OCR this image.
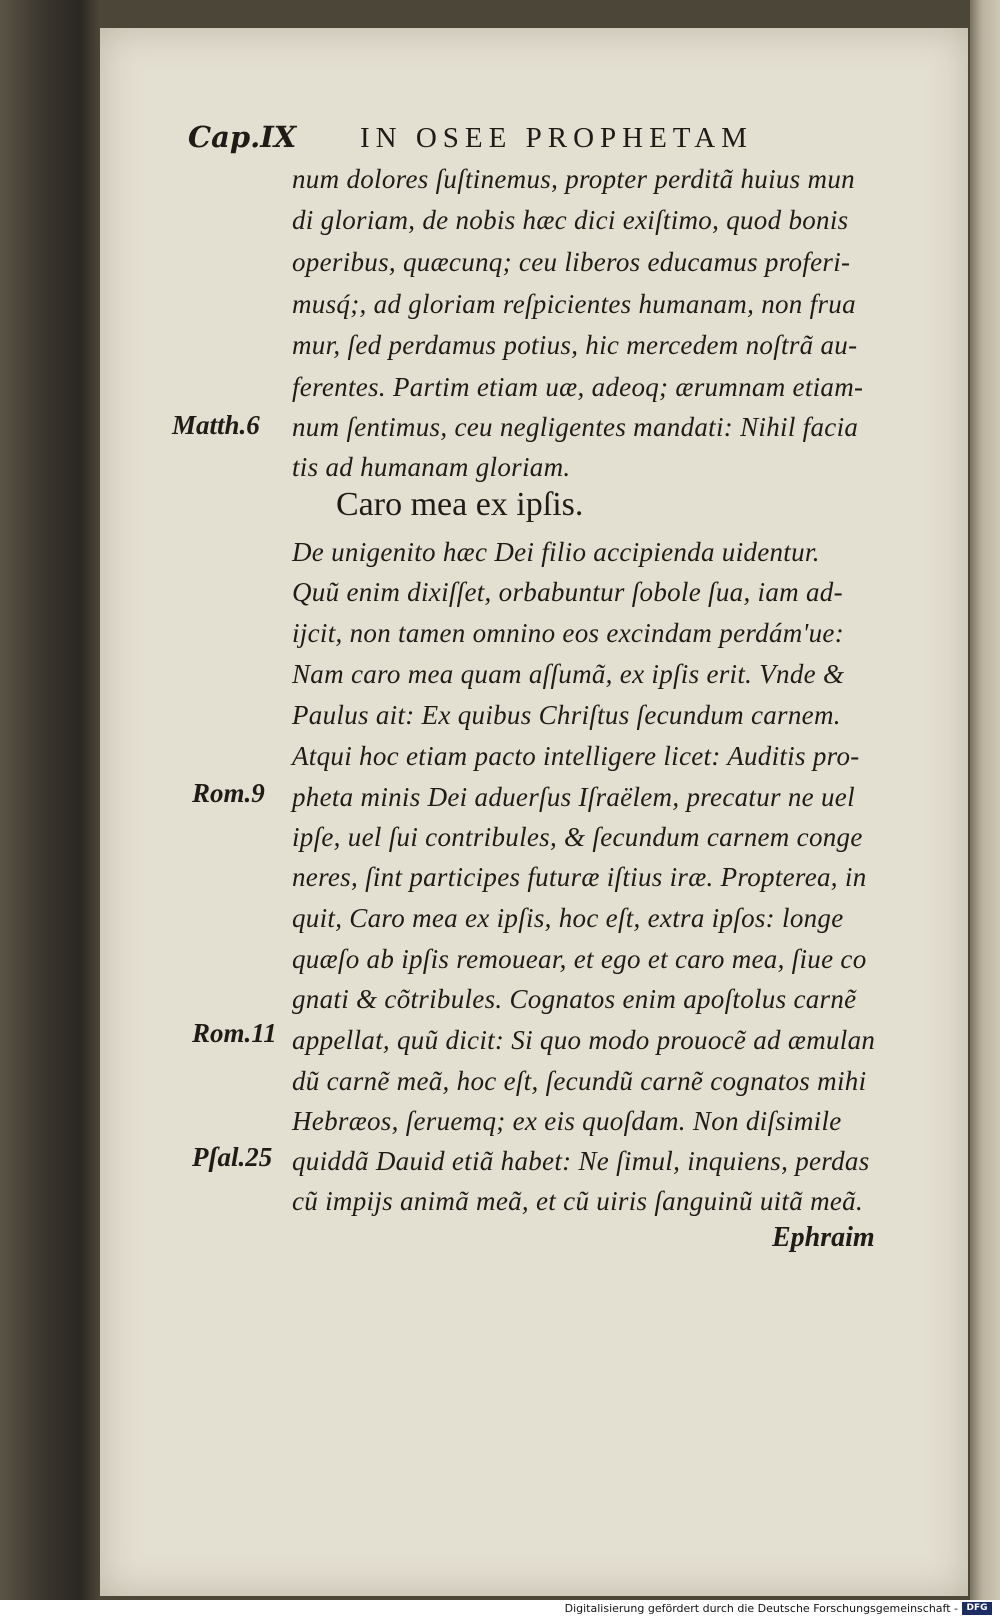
Cap.IX IN OSEE PROPHETAM
num dolores ſuſtinemus, propter perditã huius mun
di gloriam, de nobis hæc dici exiſtimo, quod bonis
operibus, quæcunq; ceu liberos educamus proferi-
musq́;, ad gloriam reſpicientes humanam, non frua
mur, ſed perdamus potius, hic mercedem noſtrã au-
ferentes. Partim etiam uæ, adeoq; ærumnam etiam-
num ſentimus, ceu negligentes mandati: Nihil facia
tis ad humanam gloriam.
Caro mea ex ipſis.
De unigenito hæc Dei filio accipienda uidentur.
Quũ enim dixiſſet, orbabuntur ſobole ſua, iam ad-
ijcit, non tamen omnino eos excindam perdám'ue:
Nam caro mea quam aſſumã, ex ipſis erit. Vnde &
Paulus ait: Ex quibus Chriſtus ſecundum carnem.
Atqui hoc etiam pacto intelligere licet: Auditis pro-
pheta minis Dei aduerſus Iſraëlem, precatur ne uel
ipſe, uel ſui contribules, & ſecundum carnem conge
neres, ſint participes futuræ iſtius iræ. Propterea, in
quit, Caro mea ex ipſis, hoc eſt, extra ipſos: longe
quæſo ab ipſis remouear, et ego et caro mea, ſiue co
gnati & cõtribules. Cognatos enim apoſtolus carnẽ
appellat, quũ dicit: Si quo modo prouocẽ ad æmulan
dũ carnẽ meã, hoc eſt, ſecundũ carnẽ cognatos mihi
Hebræos, ſeruemq; ex eis quoſdam. Non diſsimile
quiddã Dauid etiã habet: Ne ſimul, inquiens, perdas
cũ impijs animã meã, et cũ uiris ſanguinũ uitã meã.
Matth.6
Rom.9
Rom.11
Pſal.25
Ephraim
Digitalisierung gefördert durch die Deutsche Forschungsgemeinschaft - DFG
